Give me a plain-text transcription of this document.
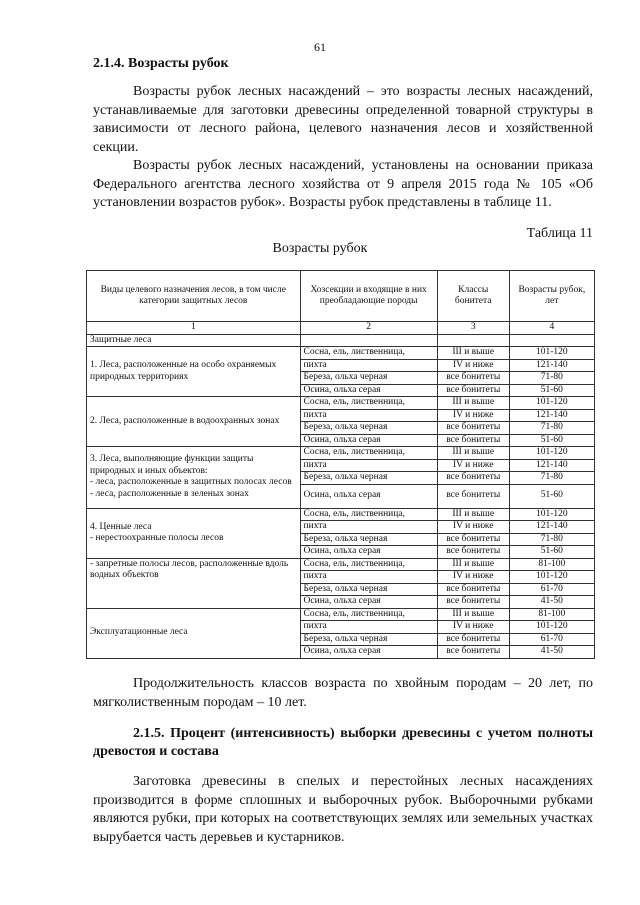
61
2.1.4. Возрасты рубок
Возрасты рубок лесных насаждений – это возрасты лесных насаждений, устанавливаемые для заготовки древесины определенной товарной структуры в зависимости от лесного района, целевого назначения лесов и хозяйственной секции.
Возрасты рубок лесных насаждений, установлены на основании приказа Федерального агентства лесного хозяйства от 9 апреля 2015 года № 105 «Об установлении возрастов рубок». Возрасты рубок представлены в таблице 11.
Таблица 11
Возрасты рубок
Виды целевого назначения лесов, в том числе категории защитных лесов	Хозсекции и входящие в них преобладающие породы	Классы бонитета	Возрасты рубок, лет
1	2	3	4
Защитные леса			
1. Леса, расположенные на особо охраняемых природных территориях	Сосна, ель, лиственница,	III и выше	101-120
	пихта	IV и ниже	121-140
	Береза, ольха черная	все бонитеты	71-80
	Осина, ольха серая	все бонитеты	51-60
2. Леса, расположенные в водоохранных зонах	Сосна, ель, лиственница,	III и выше	101-120
	пихта	IV и ниже	121-140
	Береза, ольха черная	все бонитеты	71-80
	Осина, ольха серая	все бонитеты	51-60

3. Леса, выполняющие функции защиты природных и иных объектов:
- леса, расположенные в защитных полосах лесов
- леса, расположенные в зеленых зонах	Сосна, ель, лиственница,	III и выше	101-120
	пихта	IV и ниже	121-140
	Береза, ольха черная	все бонитеты	71-80
	Осина, ольха серая	все бонитеты	51-60

4. Ценные леса
- нерестоохранные полосы лесов	Сосна, ель, лиственница,	III и выше	101-120
	пихта	IV и ниже	121-140
	Береза, ольха черная	все бонитеты	71-80
	Осина, ольха серая	все бонитеты	51-60
- запретные полосы лесов, расположенные вдоль водных объектов	Сосна, ель, лиственница,	III и выше	81-100
	пихта	IV и ниже	101-120
	Береза, ольха черная	все бонитеты	61-70
	Осина, ольха серая	все бонитеты	41-50
Эксплуатационные леса	Сосна, ель, лиственница,	III и выше	81-100
	пихта	IV и ниже	101-120
	Береза, ольха черная	все бонитеты	61-70
	Осина, ольха серая	все бонитеты	41-50
Продолжительность классов возраста по хвойным породам – 20 лет, по мягколиственным породам – 10 лет.
2.1.5. Процент (интенсивность) выборки древесины с учетом полноты древостоя и состава
Заготовка древесины в спелых и перестойных лесных насаждениях производится в форме сплошных и выборочных рубок. Выборочными рубками являются рубки, при которых на соответствующих землях или земельных участках вырубается часть деревьев и кустарников.
